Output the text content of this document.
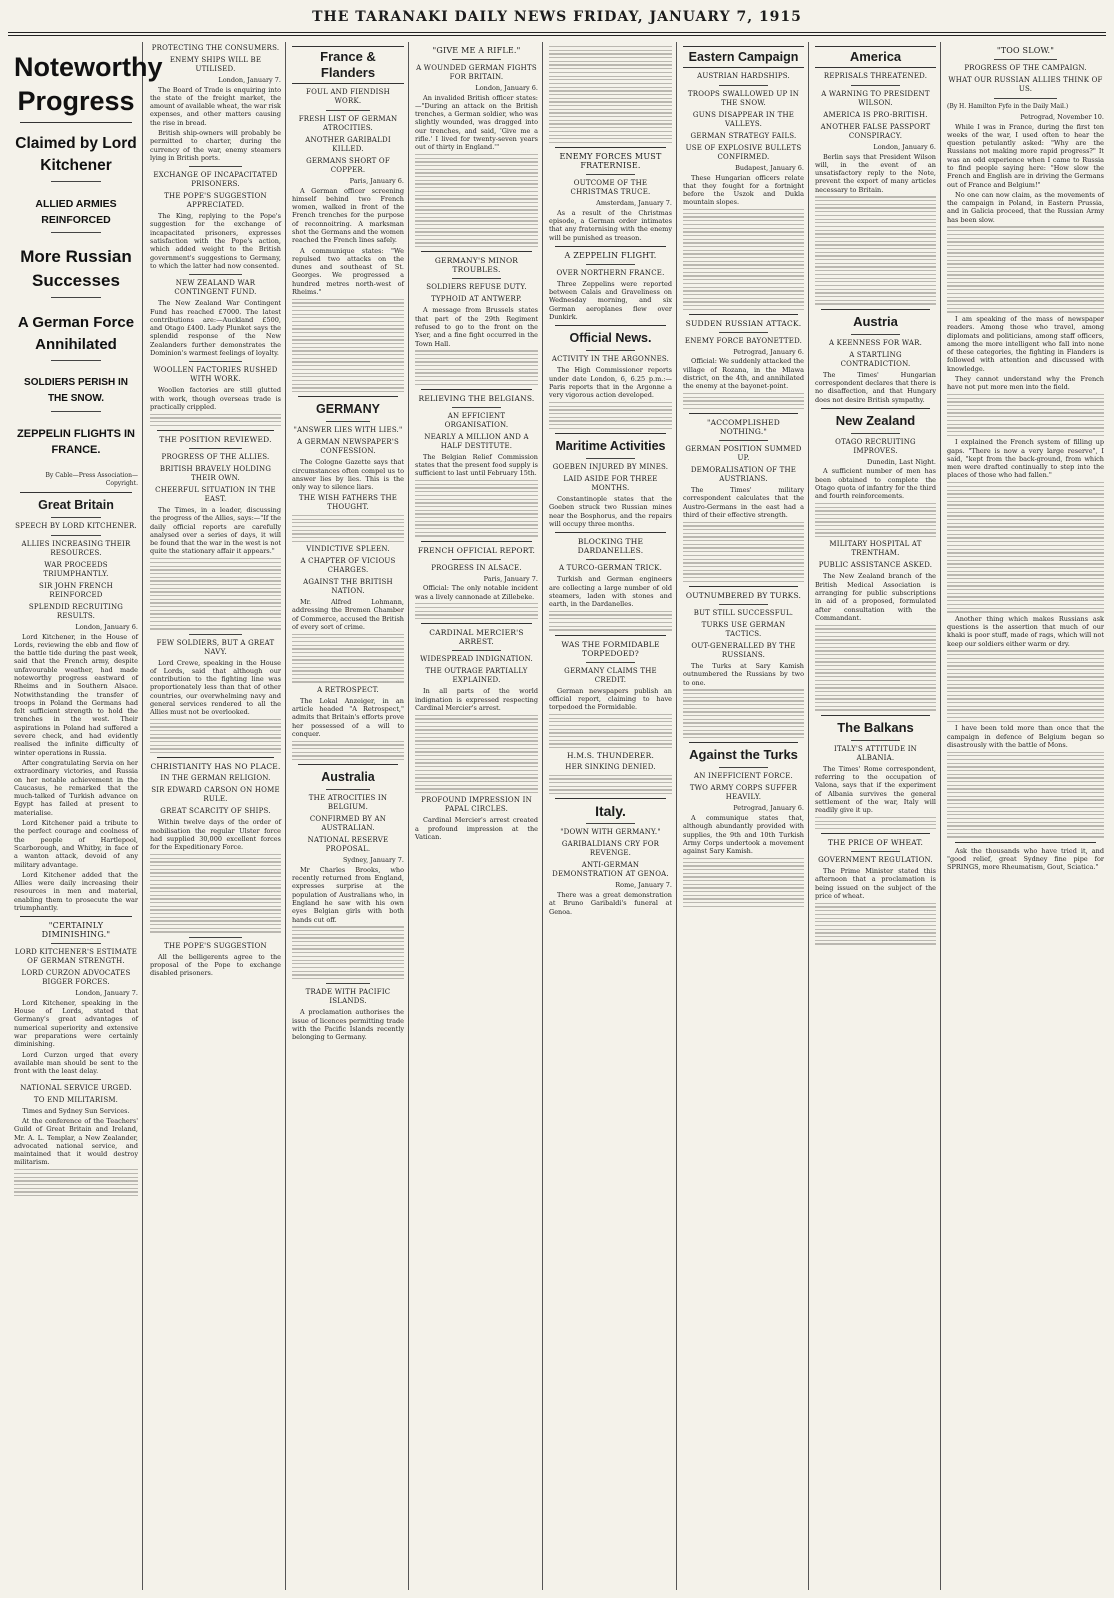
THE TARANAKI DAILY NEWS FRIDAY, JANUARY 7, 1915
Noteworthy Progress
Claimed by Lord Kitchener
ALLIED ARMIES REINFORCED
More Russian Successes
A German Force Annihilated
SOLDIERS PERISH IN THE SNOW.
ZEPPELIN FLIGHTS IN FRANCE.
By Cable—Press Association—Copyright.
Great Britain
SPEECH BY LORD KITCHENER.
ALLIES INCREASING THEIR RESOURCES.
WAR PROCEEDS TRIUMPHANTLY.
SIR JOHN FRENCH REINFORCED
SPLENDID RECRUITING RESULTS.
London, January 6.
Lord Kitchener, in the House of Lords, reviewing the ebb and flow of the battle tide during the past week, said that the French army, despite unfavourable weather, had made noteworthy progress eastward of Rheims and in Southern Alsace. Notwithstanding the transfer of troops in Poland the Germans had felt sufficient strength to hold the trenches in the west. Their aspirations in Poland had suffered a severe check, and had evidently realised the infinite difficulty of winter operations in Russia.
After congratulating Servia on her extraordinary victories, and Russia on her notable achievement in the Caucasus, he remarked that the much-talked of Turkish advance on Egypt has failed at present to materialise.
Lord Kitchener paid a tribute to the perfect courage and coolness of the people of Hartlepool, Scarborough, and Whitby, in face of a wanton attack, devoid of any military advantage.
Lord Kitchener added that the Allies were daily increasing their resources in men and material, enabling them to prosecute the war triumphantly.
"CERTAINLY DIMINISHING."
LORD KITCHENER'S ESTIMATE OF GERMAN STRENGTH.
LORD CURZON ADVOCATES BIGGER FORCES.
London, January 7.
Lord Kitchener, speaking in the House of Lords, stated that Germany's great advantages of numerical superiority and extensive war preparations were certainly diminishing.
Lord Curzon urged that every available man should be sent to the front with the least delay.
NATIONAL SERVICE URGED.
TO END MILITARISM.
Times and Sydney Sun Services.
At the conference of the Teachers' Guild of Great Britain and Ireland, Mr. A. L. Templar, a New Zealander, advocated national service, and maintained that it would destroy militarism.
PROTECTING THE CONSUMERS.
ENEMY SHIPS WILL BE UTILISED.
London, January 7.
The Board of Trade is enquiring into the state of the freight market, the amount of available wheat, the war risk expenses, and other matters causing the rise in bread.
British ship-owners will probably be permitted to charter, during the currency of the war, enemy steamers lying in British ports.
EXCHANGE OF INCAPACITATED PRISONERS.
THE POPE'S SUGGESTION APPRECIATED.
The King, replying to the Pope's suggestion for the exchange of incapacitated prisoners, expresses satisfaction with the Pope's action, which added weight to the British government's suggestions to Germany, to which the latter had now consented.
NEW ZEALAND WAR CONTINGENT FUND.
The New Zealand War Contingent Fund has reached £7000. The latest contributions are:—Auckland £500, and Otago £400. Lady Plunket says the splendid response of the New Zealanders further demonstrates the Dominion's warmest feelings of loyalty.
WOOLLEN FACTORIES RUSHED WITH WORK.
Woollen factories are still glutted with work, though overseas trade is practically crippled.
THE POSITION REVIEWED.
PROGRESS OF THE ALLIES.
BRITISH BRAVELY HOLDING THEIR OWN.
CHEERFUL SITUATION IN THE EAST.
The Times, in a leader, discussing the progress of the Allies, says:—"If the daily official reports are carefully analysed over a series of days, it will be found that the war in the west is not quite the stationary affair it appears."
FEW SOLDIERS, BUT A GREAT NAVY.
Lord Crewe, speaking in the House of Lords, said that although our contribution to the fighting line was proportionately less than that of other countries, our overwhelming navy and general services rendered to all the Allies must not be overlooked.
CHRISTIANITY HAS NO PLACE.
IN THE GERMAN RELIGION.
SIR EDWARD CARSON ON HOME RULE.
GREAT SCARCITY OF SHIPS.
Within twelve days of the order of mobilisation the regular Ulster force had supplied 30,000 excellent forces for the Expeditionary Force.
THE POPE'S SUGGESTION
All the belligerents agree to the proposal of the Pope to exchange disabled prisoners.
France & Flanders
FOUL AND FIENDISH WORK.
FRESH LIST OF GERMAN ATROCITIES.
ANOTHER GARIBALDI KILLED.
GERMANS SHORT OF COPPER.
Paris, January 6.
A German officer screening himself behind two French women, walked in front of the French trenches for the purpose of reconnoitring. A marksman shot the Germans and the women reached the French lines safely.
A communique states: "We repulsed two attacks on the dunes and southeast of St. Georges. We progressed a hundred metres north-west of Rheims."
GERMANY
"ANSWER LIES WITH LIES."
A GERMAN NEWSPAPER'S CONFESSION.
The Cologne Gazette says that circumstances often compel us to answer lies by lies. This is the only way to silence liars.
THE WISH FATHERS THE THOUGHT.
VINDICTIVE SPLEEN.
A CHAPTER OF VICIOUS CHARGES.
AGAINST THE BRITISH NATION.
Mr. Alfred Lohmann, addressing the Bremen Chamber of Commerce, accused the British of every sort of crime.
A RETROSPECT.
The Lokal Anzeiger, in an article headed "A Retrospect," admits that Britain's efforts prove her possessed of a will to conquer.
Australia
THE ATROCITIES IN BELGIUM.
CONFIRMED BY AN AUSTRALIAN.
NATIONAL RESERVE PROPOSAL.
Sydney, January 7.
Mr Charles Brooks, who recently returned from England, expresses surprise at the population of Australians who, in England he saw with his own eyes Belgian girls with both hands cut off.
TRADE WITH PACIFIC ISLANDS.
A proclamation authorises the issue of licences permitting trade with the Pacific Islands recently belonging to Germany.
"GIVE ME A RIFLE."
A WOUNDED GERMAN FIGHTS FOR BRITAIN.
London, January 6.
An invalided British officer states:—"During an attack on the British trenches, a German soldier, who was slightly wounded, was dragged into our trenches, and said, 'Give me a rifle.' I lived for twenty-seven years out of thirty in England.'"
GERMANY'S MINOR TROUBLES.
SOLDIERS REFUSE DUTY.
TYPHOID AT ANTWERP.
A message from Brussels states that part of the 29th Regiment refused to go to the front on the Yser, and a fine fight occurred in the Town Hall.
RELIEVING THE BELGIANS.
AN EFFICIENT ORGANISATION.
NEARLY A MILLION AND A HALF DESTITUTE.
The Belgian Relief Commission states that the present food supply is sufficient to last until February 15th.
FRENCH OFFICIAL REPORT.
PROGRESS IN ALSACE.
Paris, January 7.
Official: The only notable incident was a lively cannonade at Zillebeke.
CARDINAL MERCIER'S ARREST.
WIDESPREAD INDIGNATION.
THE OUTRAGE PARTIALLY EXPLAINED.
In all parts of the world indignation is expressed respecting Cardinal Mercier's arrest.
PROFOUND IMPRESSION IN PAPAL CIRCLES.
Cardinal Mercier's arrest created a profound impression at the Vatican.
ENEMY FORCES MUST FRATERNISE.
OUTCOME OF THE CHRISTMAS TRUCE.
Amsterdam, January 7.
As a result of the Christmas episode, a German order intimates that any fraternising with the enemy will be punished as treason.
A ZEPPELIN FLIGHT.
OVER NORTHERN FRANCE.
Three Zeppelins were reported between Calais and Graveliness on Wednesday morning, and six German aeroplanes flew over Dunkirk.
Official News.
ACTIVITY IN THE ARGONNES.
The High Commissioner reports under date London, 6, 6.25 p.m.:—Paris reports that in the Argonne a very vigorous action developed.
Maritime Activities
GOEBEN INJURED BY MINES.
LAID ASIDE FOR THREE MONTHS.
Constantinople states that the Goeben struck two Russian mines near the Bosphorus, and the repairs will occupy three months.
BLOCKING THE DARDANELLES.
A TURCO-GERMAN TRICK.
Turkish and German engineers are collecting a large number of old steamers, laden with stones and earth, in the Dardanelles.
WAS THE FORMIDABLE TORPEDOED?
GERMANY CLAIMS THE CREDIT.
German newspapers publish an official report, claiming to have torpedoed the Formidable.
H.M.S. THUNDERER.
HER SINKING DENIED.
Italy.
"DOWN WITH GERMANY."
GARIBALDIANS CRY FOR REVENGE.
ANTI-GERMAN DEMONSTRATION AT GENOA.
Rome, January 7.
There was a great demonstration at Bruno Garibaldi's funeral at Genoa.
Eastern Campaign
AUSTRIAN HARDSHIPS.
TROOPS SWALLOWED UP IN THE SNOW.
GUNS DISAPPEAR IN THE VALLEYS.
GERMAN STRATEGY FAILS.
USE OF EXPLOSIVE BULLETS CONFIRMED.
Budapest, January 6.
These Hungarian officers relate that they fought for a fortnight before the Uszok and Dukla mountain slopes.
SUDDEN RUSSIAN ATTACK.
ENEMY FORCE BAYONETTED.
Petrograd, January 6.
Official: We suddenly attacked the village of Rozana, in the Mlawa district, on the 4th, and annihilated the enemy at the bayonet-point.
"ACCOMPLISHED NOTHING."
GERMAN POSITION SUMMED UP.
DEMORALISATION OF THE AUSTRIANS.
The Times' military correspondent calculates that the Austro-Germans in the east had a third of their effective strength.
OUTNUMBERED BY TURKS.
BUT STILL SUCCESSFUL.
TURKS USE GERMAN TACTICS.
OUT-GENERALLED BY THE RUSSIANS.
The Turks at Sary Kamish outnumbered the Russians by two to one.
Against the Turks
AN INEFFICIENT FORCE.
TWO ARMY CORPS SUFFER HEAVILY.
Petrograd, January 6.
A communique states that, although abundantly provided with supplies, the 9th and 10th Turkish Army Corps undertook a movement against Sary Kamish.
America
REPRISALS THREATENED.
A WARNING TO PRESIDENT WILSON.
AMERICA IS PRO-BRITISH.
ANOTHER FALSE PASSPORT CONSPIRACY.
London, January 6.
Berlin says that President Wilson will, in the event of an unsatisfactory reply to the Note, prevent the export of many articles necessary to Britain.
Austria
A KEENNESS FOR WAR.
A STARTLING CONTRADICTION.
The Times' Hungarian correspondent declares that there is no disaffection, and that Hungary does not desire British sympathy.
New Zealand
OTAGO RECRUITING IMPROVES.
Dunedin, Last Night.
A sufficient number of men has been obtained to complete the Otago quota of infantry for the third and fourth reinforcements.
MILITARY HOSPITAL AT TRENTHAM.
PUBLIC ASSISTANCE ASKED.
The New Zealand branch of the British Medical Association is arranging for public subscriptions in aid of a proposed, formulated after consultation with the Commandant.
The Balkans
ITALY'S ATTITUDE IN ALBANIA.
The Times' Rome correspondent, referring to the occupation of Valona, says that if the experiment of Albania survives the general settlement of the war, Italy will readily give it up.
THE PRICE OF WHEAT.
GOVERNMENT REGULATION.
The Prime Minister stated this afternoon that a proclamation is being issued on the subject of the price of wheat.
"TOO SLOW."
PROGRESS OF THE CAMPAIGN.
WHAT OUR RUSSIAN ALLIES THINK OF US.
(By H. Hamilton Fyfe in the Daily Mail.)
Petrograd, November 10.
While I was in France, during the first ten weeks of the war, I used often to hear the question petulantly asked: "Why are the Russians not making more rapid progress?" It was an odd experience when I came to Russia to find people saying here: "How slow the French and English are in driving the Germans out of France and Belgium!"
No one can now claim, as the movements of the campaign in Poland, in Eastern Prussia, and in Galicia proceed, that the Russian Army has been slow.
I am speaking of the mass of newspaper readers. Among those who travel, among diplomats and politicians, among staff officers, among the more intelligent who fall into none of these categories, the fighting in Flanders is followed with attention and discussed with knowledge.
They cannot understand why the French have not put more men into the field.
I explained the French system of filling up gaps. "There is now a very large reserve", I said, "kept from the back-ground, from which men were drafted continually to step into the places of those who had fallen."
Another thing which makes Russians ask questions is the assertion that much of our khaki is poor stuff, made of rags, which will not keep our soldiers either warm or dry.
I have been told more than once that the campaign in defence of Belgium began so disastrously with the battle of Mons.
Ask the thousands who have tried it, and "good relief, great Sydney fine pipe for SPRINGS, more Rheumatism, Gout, Sciatica."
